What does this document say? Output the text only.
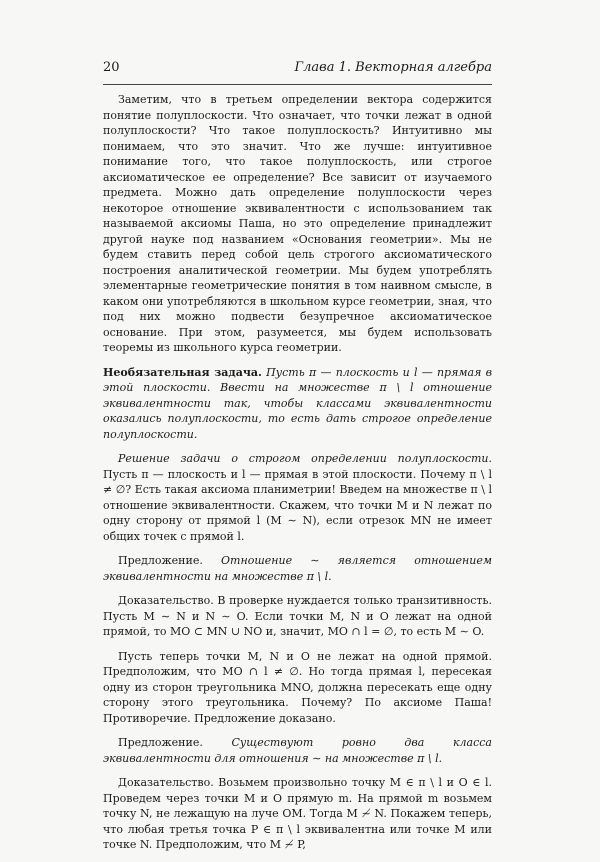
20	Глава 1. Векторная алгебра

Заметим, что в третьем определении вектора содержится понятие полуплоскости. Что означает, что точки лежат в одной полуплоскости? Что такое полуплоскость? Интуитивно мы понимаем, что это значит. Что же лучше: интуитивное понимание того, что такое полуплоскость, или строгое аксиоматическое ее определение? Все зависит от изучаемого предмета. Можно дать определение полуплоскости через некоторое отношение эквивалентности с использованием так называемой аксиомы Паша, но это определение принадлежит другой науке под названием «Основания геометрии». Мы не будем ставить перед собой цель строгого аксиоматического построения аналитической геометрии. Мы будем употреблять элементарные геометрические понятия в том наивном смысле, в каком они употребляются в школьном курсе геометрии, зная, что под них можно подвести безупречное аксиоматическое основание. При этом, разумеется, мы будем использовать теоремы из школьного курса геометрии.

Необязательная задача. Пусть π — плоскость и l — прямая в этой плоскости. Ввести на множестве π \ l отношение эквивалентности так, чтобы классами эквивалентности оказались полуплоскости, то есть дать строгое определение полуплоскости.

Решение задачи о строгом определении полуплоскости. Пусть π — плоскость и l — прямая в этой плоскости. Почему π \ l ≠ ∅? Есть такая аксиома планиметрии! Введем на множестве π \ l отношение эквивалентности. Скажем, что точки M и N лежат по одну сторону от прямой l (M ∼ N), если отрезок MN не имеет общих точек с прямой l.

Предложение. Отношение ∼ является отношением эквивалентности на множестве π \ l.

Доказательство. В проверке нуждается только транзитивность. Пусть M ∼ N и N ∼ O. Если точки M, N и O лежат на одной прямой, то MO ⊂ MN ∪ NO и, значит, MO ∩ l = ∅, то есть M ∼ O.

Пусть теперь точки M, N и O не лежат на одной прямой. Предположим, что MO ∩ l ≠ ∅. Но тогда прямая l, пересекая одну из сторон треугольника MNO, должна пересекать еще одну сторону этого треугольника. Почему? По аксиоме Паша! Противоречие. Предложение доказано.

Предложение.	Существуют ровно два класса эквивалентности для отношения ∼ на множестве π \ l.

Доказательство. Возьмем произвольно точку M ∈ π \ l и O ∈ l. Проведем через точки M и O прямую m. На прямой m возьмем точку N, не лежащую на луче OM. Тогда M ≁ N. Покажем теперь, что любая третья точка P ∈ π \ l эквивалентна или точке M или точке N. Предположим, что M ≁ P,
